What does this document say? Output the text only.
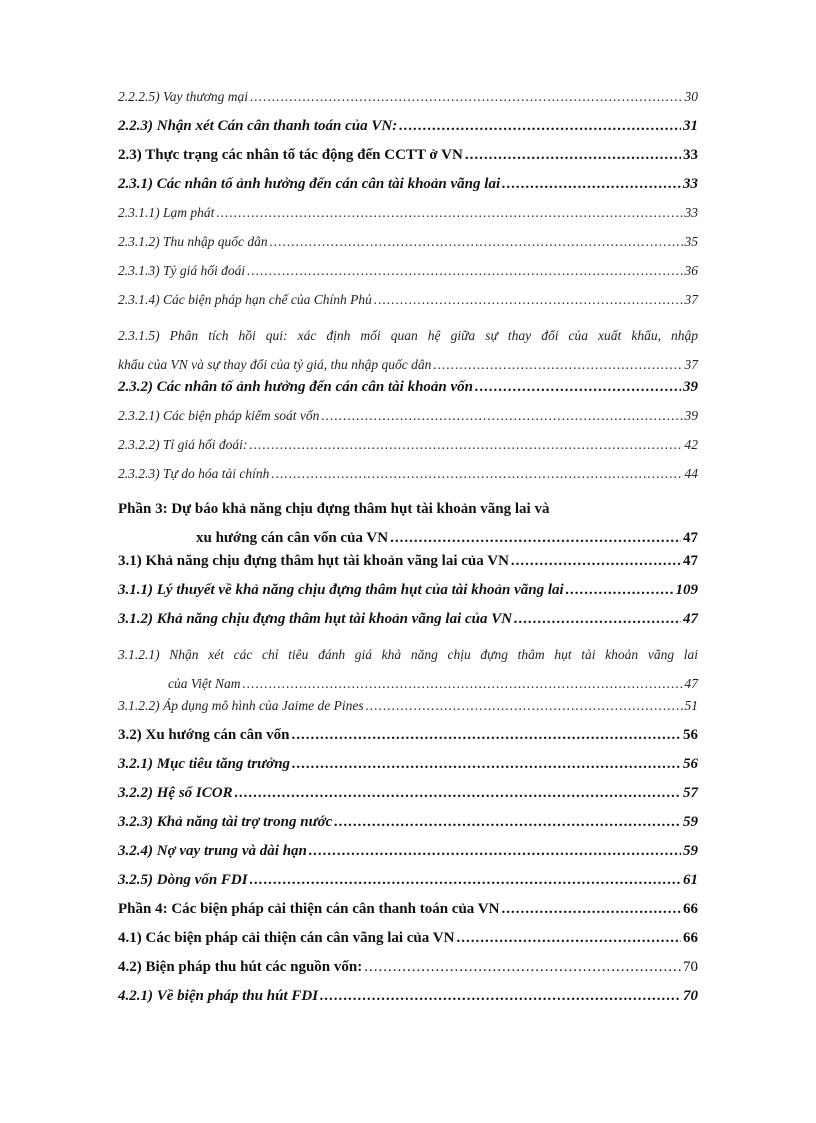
2.2.2.5) Vay thương mại .....	30
2.2.3) Nhận xét Cán cân thanh toán của VN: .....	31
2.3) Thực trạng các nhân tố tác động đến CCTT ở VN .....	33
2.3.1) Các nhân tố ảnh hưởng đến cán cân tài khoản vãng lai .....	33
2.3.1.1) Lạm phát .....	33
2.3.1.2) Thu nhập quốc dân .....	35
2.3.1.3) Tỷ giá hối đoái .....	36
2.3.1.4) Các biện pháp hạn chế của Chính Phủ .....	37
2.3.1.5) Phân tích hồi qui: xác định mối quan hệ giữa sự thay đổi của xuất khẩu, nhập
khẩu của VN và sự thay đổi của tỷ giá, thu nhập quốc dân .....	37
2.3.2) Các nhân tố ảnh hưởng đến cán cân tài khoản vốn .....	39
2.3.2.1) Các biện pháp kiểm soát vốn .....	39
2.3.2.2) Tỉ giá hối đoái: .....	42
2.3.2.3) Tự do hóa tài chính .....	44
Phần 3: Dự báo khả năng chịu đựng thâm hụt tài khoản vãng lai và
xu hướng cán cân vốn của VN .....	47
3.1) Khả năng chịu đựng thâm hụt tài khoản vãng lai của VN .....	47
3.1.1) Lý thuyết về khả năng chịu đựng thâm hụt của tài khoản vãng lai .....	109
3.1.2) Khả năng chịu đựng thâm hụt tài khoản vãng lai của VN .....	47
3.1.2.1) Nhận xét các chỉ tiêu đánh giá khả năng chịu đựng thâm hụt tài khoản vãng lai
của Việt Nam .....	47
3.1.2.2) Áp dụng mô hình của Jaime de Pines .....	51
3.2) Xu hướng cán cân vốn .....	56
3.2.1) Mục tiêu tăng trưởng .....	56
3.2.2) Hệ số ICOR .....	57
3.2.3) Khả năng tài trợ trong nước .....	59
3.2.4) Nợ vay trung và dài hạn .....	59
3.2.5) Dòng vốn FDI .....	61
Phần 4: Các biện pháp cải thiện cán cân thanh toán của VN .....	66
4.1) Các biện pháp cải thiện cán cân vãng lai của VN .....	66
4.2) Biện pháp thu hút các nguồn vốn: .....	70
4.2.1) Về biện pháp thu hút FDI .....	70
